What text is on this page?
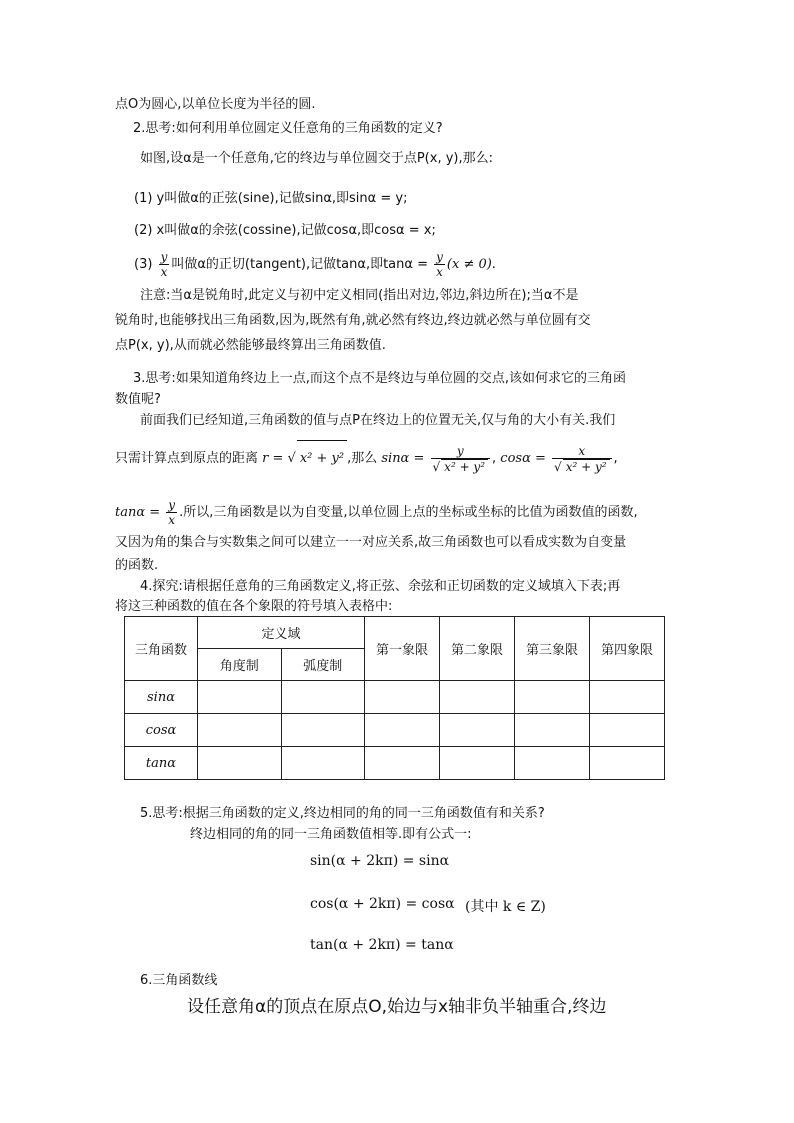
点O为圆心,以单位长度为半径的圆.
2.思考:如何利用单位圆定义任意角的三角函数的定义?
如图,设α是一个任意角,它的终边与单位圆交于点P(x, y),那么:
(1) y叫做α的正弦(sine),记做sinα,即sinα = y;
(2) x叫做α的余弦(cossine),记做cosα,即cosα = x;
$(3) \frac{y}{x}$ 叫做α的正切(tangent),记做tanα,即$\tan\alpha = \frac{y}{x} (x \ne 0)$.
注意:当α是锐角时,此定义与初中定义相同(指出对边,邻边,斜边所在);当α不是
锐角时,也能够找出三角函数,因为,既然有角,就必然有终边,终边就必然与单位圆有交
点P(x, y),从而就必然能够最终算出三角函数值.
3.思考:如果知道角终边上一点,而这个点不是终边与单位圆的交点,该如何求它的三角函
数值呢?
前面我们已经知道,三角函数的值与点P在终边上的位置无关,仅与角的大小有关.我们
只需计算点到原点的距离 r = √ x² + y² ,那么 $\sin\alpha = \frac{y}{\text{√ x² + y²}}$ , $\cos\alpha = \frac{x}{\text{√ x² + y²}}$ ,
$\tan\alpha = \frac{y}{x}$ .所以,三角函数是以为自变量,以单位圆上点的坐标或坐标的比值为函数值的函数,
又因为角的集合与实数集之间可以建立一一对应关系,故三角函数也可以看成实数为自变量
的函数.
4.探究:请根据任意角的三角函数定义,将正弦、余弦和正切函数的定义域填入下表;再
将这三种函数的值在各个象限的符号填入表格中:
三角函数	定义域		第一象限	第二象限	第三象限	第四象限
	角度制	弧度制				
sinα						
cosα						
tanα						
5.思考:根据三角函数的定义,终边相同的角的同一三角函数值有和关系?
终边相同的角的同一三角函数值相等.即有公式一:
sin(α + 2kπ) = sinα
cos(α + 2kπ) = cosα (其中 k ∈ Z)
tan(α + 2kπ) = tanα
6.三角函数线
设任意角α的顶点在原点O,始边与x轴非负半轴重合,终边
